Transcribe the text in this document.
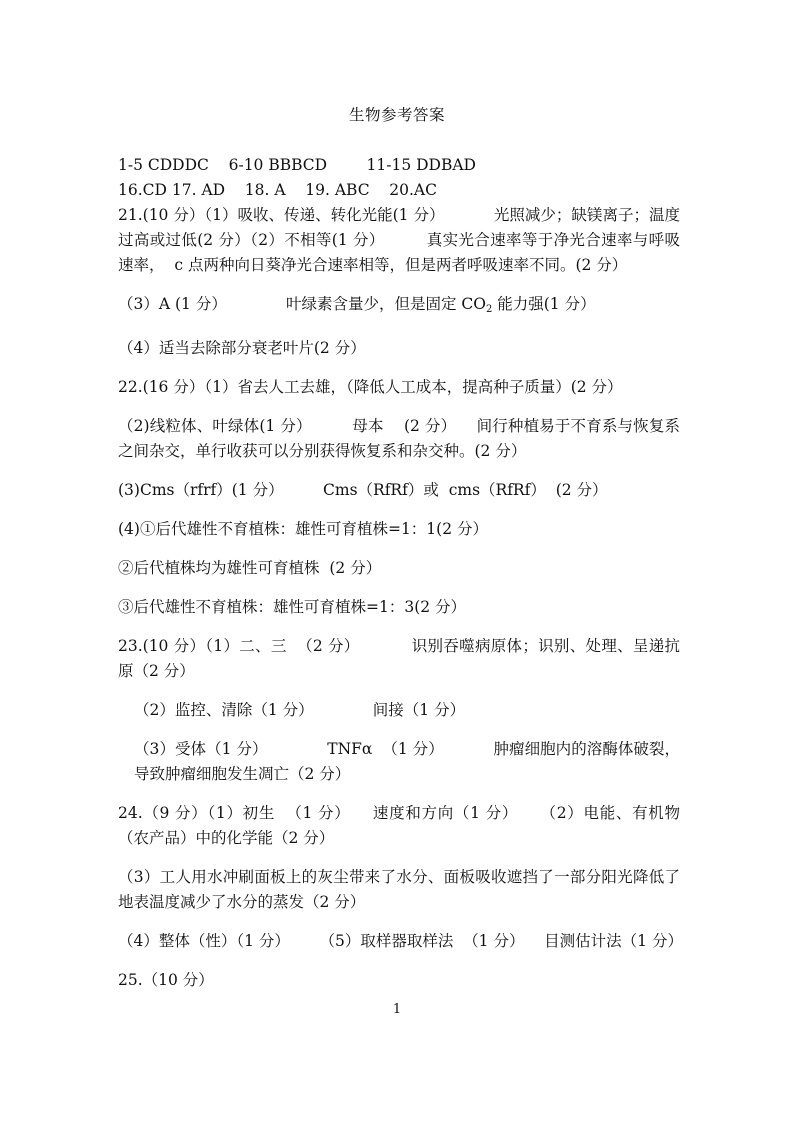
生物参考答案

1-5 CDDDC    6-10 BBBCD        11-15 DDBAD

16.CD 17. AD    18. A    19. ABC    20.AC

21.(10 分）（1）吸收、传递、转化光能(1 分）          光照减少；缺镁离子；温度过高或过低(2 分）（2）不相等(1 分）        真实光合速率等于净光合速率与呼吸速率，  c 点两种向日葵净光合速率相等，但是两者呼吸速率不同。(2 分）

（3）A (1 分）            叶绿素含量少，但是固定 $CO_2$ 能力强(1 分）

（4）适当去除部分衰老叶片(2 分）

22.(16 分）（1）省去人工去雄，（降低人工成本，提高种子质量）(2 分）

（2)线粒体、叶绿体(1 分）        母本    (2 分）    间行种植易于不育系与恢复系之间杂交，单行收获可以分别获得恢复系和杂交种。(2 分）

(3)Cms（rfrf）(1 分）        Cms（RfRf）或  cms（RfRf）  (2 分）

(4)①后代雄性不育植株：雄性可育植株=1：1(2 分）

②后代植株均为雄性可育植株  (2 分）

③后代雄性不育植株：雄性可育植株=1：3(2 分）

23.(10 分）（1）二、三  （2 分）          识别吞噬病原体；识别、处理、呈递抗原（2 分）

（2）监控、清除（1 分）            间接（1 分）

（3）受体（1 分）            TNFα  （1 分）          肿瘤细胞内的溶酶体破裂，导致肿瘤细胞发生凋亡（2 分）

24.（9 分）（1）初生  （1 分）    速度和方向（1 分）    （2）电能、有机物（农产品）中的化学能（2 分）

（3）工人用水冲刷面板上的灰尘带来了水分、面板吸收遮挡了一部分阳光降低了地表温度减少了水分的蒸发（2 分）

（4）整体（性）（1 分）      （5）取样器取样法  （1 分）    目测估计法（1 分）

25.（10 分）

1
